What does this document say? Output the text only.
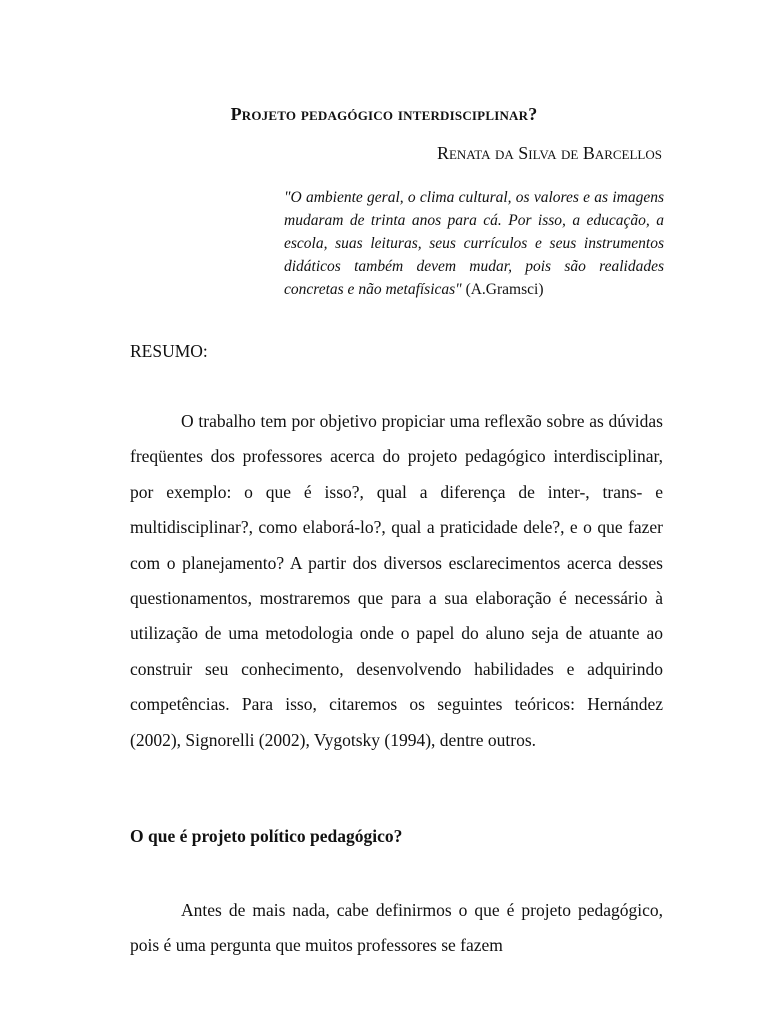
Projeto pedagógico interdisciplinar?
Renata da Silva de Barcellos

"O ambiente geral, o clima cultural, os valores e as imagens mudaram de trinta anos para cá. Por isso, a educação, a escola, suas leituras, seus currículos e seus instrumentos didáticos também devem mudar, pois são realidades concretas e não metafísicas" (A.Gramsci)

RESUMO:

O trabalho tem por objetivo propiciar uma reflexão sobre as dúvidas freqüentes dos professores acerca do projeto pedagógico interdisciplinar, por exemplo: o que é isso?, qual a diferença de inter-, trans- e multidisciplinar?, como elaborá-lo?, qual a praticidade dele?, e o que fazer com o planejamento? A partir dos diversos esclarecimentos acerca desses questionamentos, mostraremos que para a sua elaboração é necessário à utilização de uma metodologia onde o papel do aluno seja de atuante ao construir seu conhecimento, desenvolvendo habilidades e adquirindo competências. Para isso, citaremos os seguintes teóricos: Hernández (2002), Signorelli (2002), Vygotsky (1994), dentre outros.

O que é projeto político pedagógico?

Antes de mais nada, cabe definirmos o que é projeto pedagógico, pois é uma pergunta que muitos professores se fazem
